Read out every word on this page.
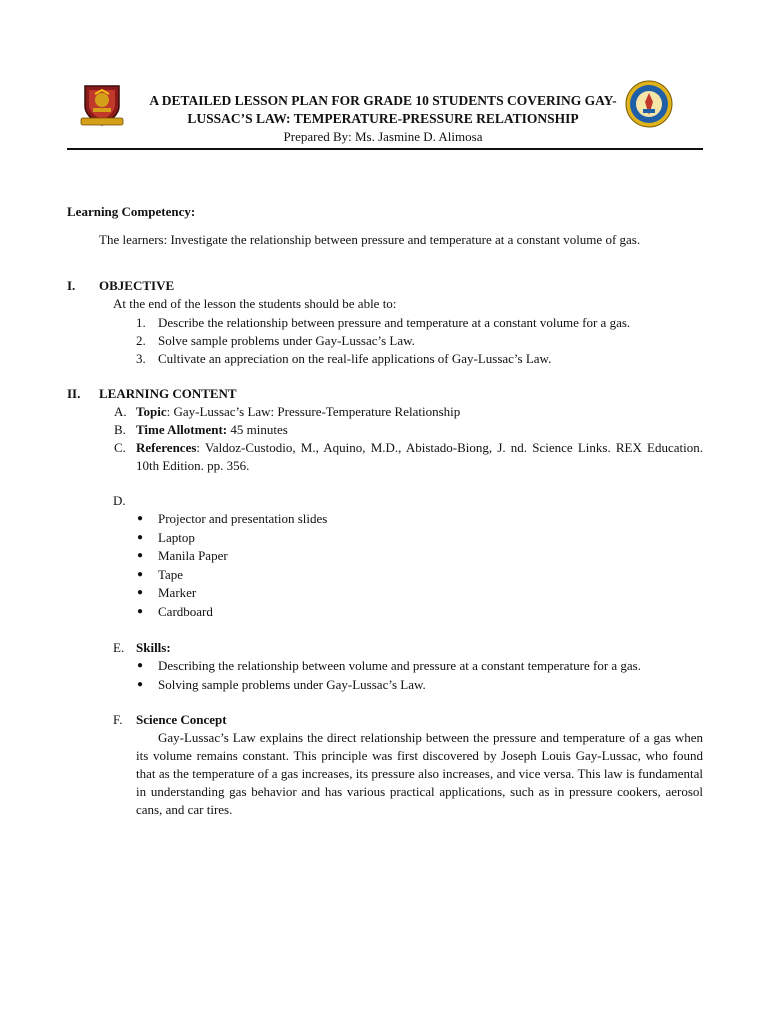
A DETAILED LESSON PLAN FOR GRADE 10 STUDENTS COVERING GAY-
LUSSAC’S LAW: TEMPERATURE-PRESSURE RELATIONSHIP
Prepared By: Ms. Jasmine D. Alimosa
Learning Competency:
The learners: Investigate the relationship between pressure and temperature at a constant volume of gas.
I.	OBJECTIVE
At the end of the lesson the students should be able to:
1. Describe the relationship between pressure and temperature at a constant volume for a gas.
2. Solve sample problems under Gay-Lussac’s Law.
3. Cultivate an appreciation on the real-life applications of Gay-Lussac’s Law.
II.	LEARNING CONTENT
A. Topic: Gay-Lussac’s Law: Pressure-Temperature Relationship
B. Time Allotment: 45 minutes
C. References: Valdoz-Custodio, M., Aquino, M.D., Abistado-Biong, J. nd. Science Links. REX Education. 10th Edition. pp. 356.
D.
● Projector and presentation slides
● Laptop
● Manila Paper
● Tape
● Marker
● Cardboard
E. Skills:
● Describing the relationship between volume and pressure at a constant temperature for a gas.
● Solving sample problems under Gay-Lussac’s Law.
F. Science Concept
Gay-Lussac’s Law explains the direct relationship between the pressure and temperature of a gas when its volume remains constant. This principle was first discovered by Joseph Louis Gay-Lussac, who found that as the temperature of a gas increases, its pressure also increases, and vice versa. This law is fundamental in understanding gas behavior and has various practical applications, such as in pressure cookers, aerosol cans, and car tires.
